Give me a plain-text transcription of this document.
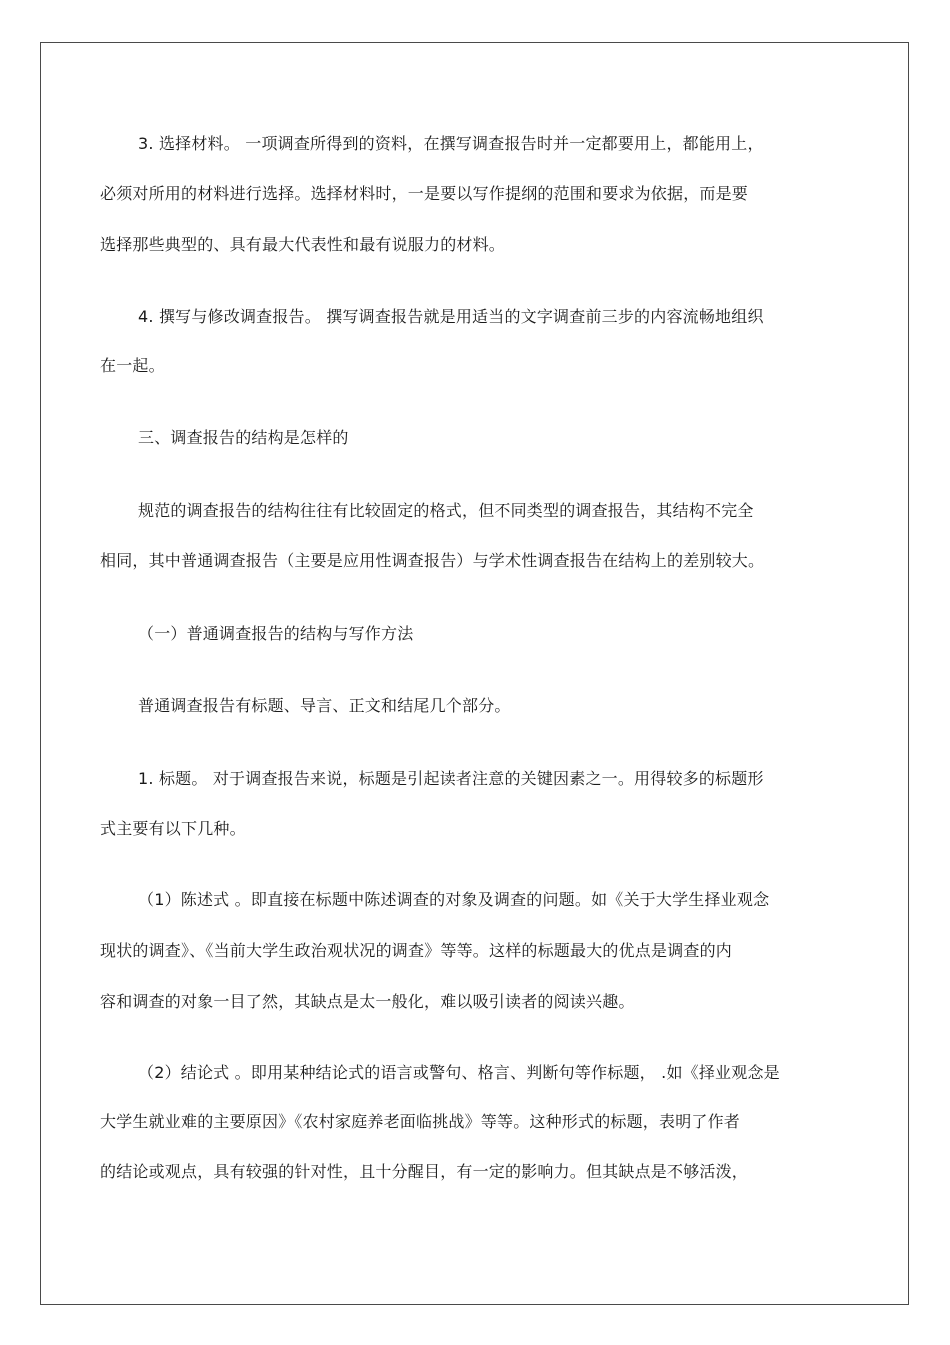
3. 选择材料。 一项调查所得到的资料，在撰写调查报告时并一定都要用上，都能用上，
必须对所用的材料进行选择。选择材料时，一是要以写作提纲的范围和要求为依据，而是要
选择那些典型的、具有最大代表性和最有说服力的材料。
4. 撰写与修改调查报告。 撰写调查报告就是用适当的文字调查前三步的内容流畅地组织
在一起。
三、调查报告的结构是怎样的
规范的调查报告的结构往往有比较固定的格式，但不同类型的调查报告，其结构不完全
相同，其中普通调查报告（主要是应用性调查报告）与学术性调查报告在结构上的差别较大。
（一）普通调查报告的结构与写作方法
普通调查报告有标题、导言、正文和结尾几个部分。
1. 标题。 对于调查报告来说，标题是引起读者注意的关键因素之一。用得较多的标题形
式主要有以下几种。
（1）陈述式 。即直接在标题中陈述调查的对象及调查的问题。如《关于大学生择业观念
现状的调查》、《当前大学生政治观状况的调查》等等。这样的标题最大的优点是调查的内
容和调查的对象一目了然，其缺点是太一般化，难以吸引读者的阅读兴趣。
（2）结论式 。即用某种结论式的语言或警句、格言、判断句等作标题， .如《择业观念是
大学生就业难的主要原因》《农村家庭养老面临挑战》等等。这种形式的标题，表明了作者
的结论或观点，具有较强的针对性，且十分醒目，有一定的影响力。但其缺点是不够活泼，
